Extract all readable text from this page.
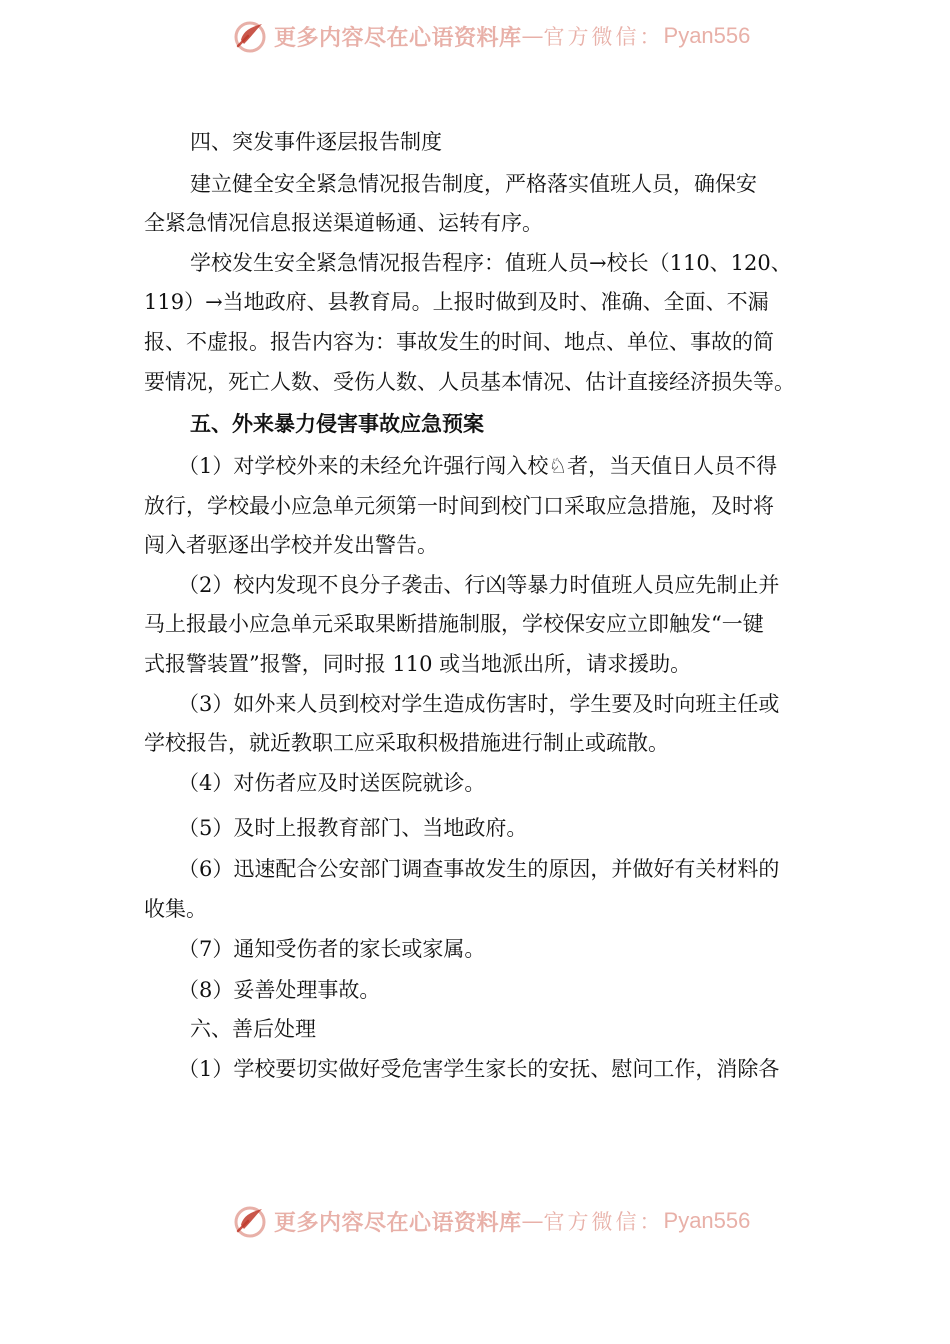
更多内容尽在心语资料库 — 官方微信： Pyan556
四、突发事件逐层报告制度
建立健全安全紧急情况报告制度，严格落实值班人员，确保安
全紧急情况信息报送渠道畅通、运转有序。
学校发生安全紧急情况报告程序：值班人员→校长（110、120、
119）→当地政府、县教育局。上报时做到及时、准确、全面、不漏
报、不虚报。报告内容为：事故发生的时间、地点、单位、事故的简
要情况，死亡人数、受伤人数、人员基本情况、估计直接经济损失等。
五、外来暴力侵害事故应急预案
（1）对学校外来的未经允许强行闯入校♘者，当天值日人员不得
放行，学校最小应急单元须第一时间到校门口采取应急措施，及时将
闯入者驱逐出学校并发出警告。
（2）校内发现不良分子袭击、行凶等暴力时值班人员应先制止并
马上报最小应急单元采取果断措施制服，学校保安应立即触发“一键
式报警装置”报警，同时报 110 或当地派出所，请求援助。
（3）如外来人员到校对学生造成伤害时，学生要及时向班主任或
学校报告，就近教职工应采取积极措施进行制止或疏散。
（4）对伤者应及时送医院就诊。
（5）及时上报教育部门、当地政府。
（6）迅速配合公安部门调查事故发生的原因，并做好有关材料的
收集。
（7）通知受伤者的家长或家属。
（8）妥善处理事故。
六、善后处理
（1）学校要切实做好受危害学生家长的安抚、慰问工作，消除各
更多内容尽在心语资料库 — 官方微信： Pyan556
